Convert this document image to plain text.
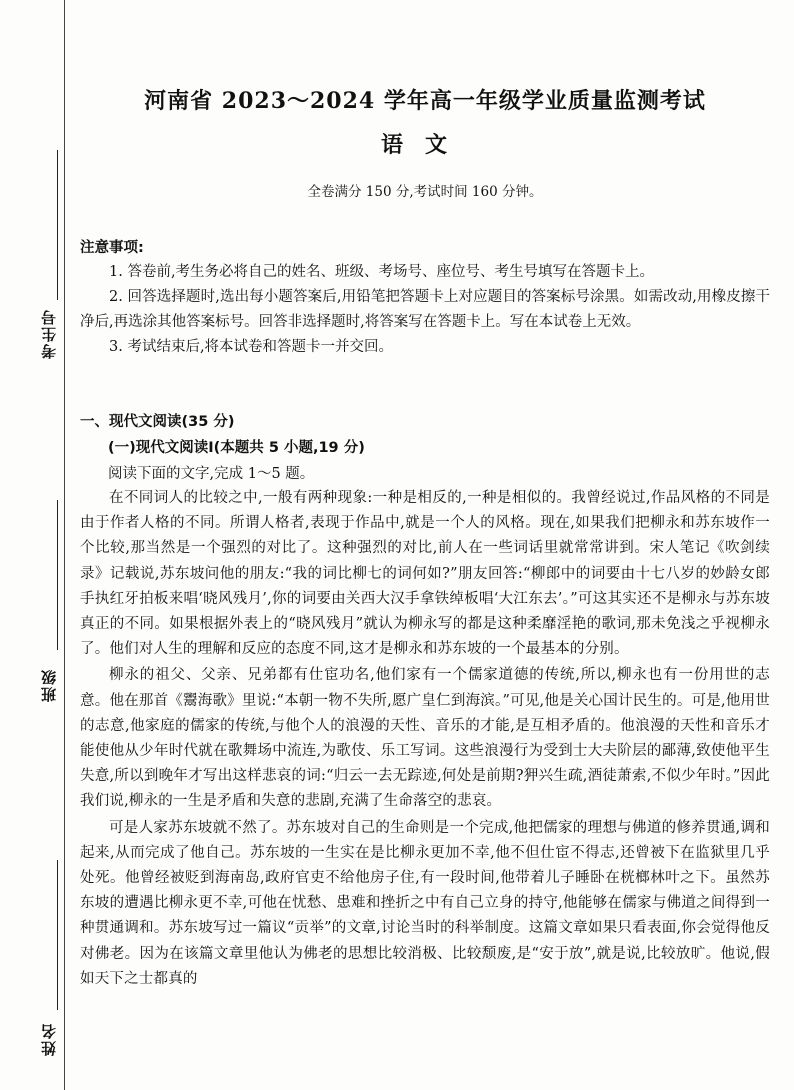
考生号
班级
姓名
河南省 2023～2024 学年高一年级学业质量监测考试
语文
全卷满分 150 分,考试时间 160 分钟。
注意事项:

1. 答卷前,考生务必将自己的姓名、班级、考场号、座位号、考生号填写在答题卡上。

2. 回答选择题时,选出每小题答案后,用铅笔把答题卡上对应题目的答案标号涂黑。如需改动,用橡皮擦干净后,再选涂其他答案标号。回答非选择题时,将答案写在答题卡上。写在本试卷上无效。

3. 考试结束后,将本试卷和答题卡一并交回。

一、现代文阅读(35 分)
(一)现代文阅读Ⅰ(本题共 5 小题,19 分)
阅读下面的文字,完成 1～5 题。

在不同词人的比较之中,一般有两种现象:一种是相反的,一种是相似的。我曾经说过,作品风格的不同是由于作者人格的不同。所谓人格者,表现于作品中,就是一个人的风格。现在,如果我们把柳永和苏东坡作一个比较,那当然是一个强烈的对比了。这种强烈的对比,前人在一些词话里就常常讲到。宋人笔记《吹剑续录》记载说,苏东坡问他的朋友:“我的词比柳七的词何如?”朋友回答:“柳郎中的词要由十七八岁的妙龄女郎手执红牙拍板来唱‘晓风残月’,你的词要由关西大汉手拿铁绰板唱‘大江东去’。”可这其实还不是柳永与苏东坡真正的不同。如果根据外表上的“晓风残月”就认为柳永写的都是这种柔靡淫艳的歌词,那未免浅之乎视柳永了。他们对人生的理解和反应的态度不同,这才是柳永和苏东坡的一个最基本的分别。

柳永的祖父、父亲、兄弟都有仕宦功名,他们家有一个儒家道德的传统,所以,柳永也有一份用世的志意。他在那首《鬻海歌》里说:“本朝一物不失所,愿广皇仁到海滨。”可见,他是关心国计民生的。可是,他用世的志意,他家庭的儒家的传统,与他个人的浪漫的天性、音乐的才能,是互相矛盾的。他浪漫的天性和音乐才能使他从少年时代就在歌舞场中流连,为歌伎、乐工写词。这些浪漫行为受到士大夫阶层的鄙薄,致使他平生失意,所以到晚年才写出这样悲哀的词:“归云一去无踪迹,何处是前期?狎兴生疏,酒徒萧索,不似少年时。”因此我们说,柳永的一生是矛盾和失意的悲剧,充满了生命落空的悲哀。

可是人家苏东坡就不然了。苏东坡对自己的生命则是一个完成,他把儒家的理想与佛道的修养贯通,调和起来,从而完成了他自己。苏东坡的一生实在是比柳永更加不幸,他不但仕宦不得志,还曾被下在监狱里几乎处死。他曾经被贬到海南岛,政府官吏不给他房子住,有一段时间,他带着儿子睡卧在桄榔林叶之下。虽然苏东坡的遭遇比柳永更不幸,可他在忧愁、患难和挫折之中有自己立身的持守,他能够在儒家与佛道之间得到一种贯通调和。苏东坡写过一篇议“贡举”的文章,讨论当时的科举制度。这篇文章如果只看表面,你会觉得他反对佛老。因为在该篇文章里他认为佛老的思想比较消极、比较颓废,是“安于放”,就是说,比较放旷。他说,假如天下之士都真的
